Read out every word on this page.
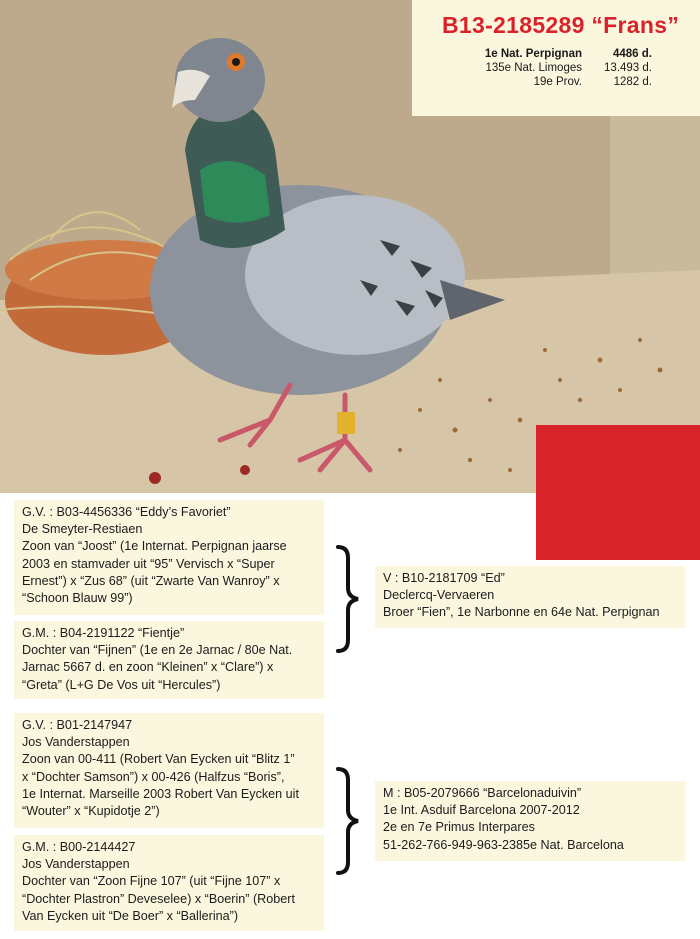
B13-2185289 “Frans”
1e Nat. Perpignan	4486 d.
135e Nat. Limoges	13.493 d.
19e Prov.	1282 d.
G.V. : B03-4456336 “Eddy’s Favoriet”
De Smeyter-Restiaen
Zoon van “Joost” (1e Internat. Perpignan jaarse
2003 en stamvader uit “95” Vervisch x “Super
Ernest”) x “Zus 68” (uit “Zwarte Van Wanroy” x
“Schoon Blauw 99”)
G.M. : B04-2191122 “Fientje”
Dochter van “Fijnen” (1e en 2e Jarnac / 80e Nat.
Jarnac 5667 d. en zoon “Kleinen” x “Clare”) x
“Greta” (L+G De Vos uit “Hercules”)
V : B10-2181709 “Ed”
Declercq-Vervaeren
Broer “Fien”, 1e Narbonne en 64e Nat. Perpignan
G.V. : B01-2147947
Jos Vanderstappen
Zoon van 00-411 (Robert Van Eycken uit “Blitz 1”
x “Dochter Samson”) x 00-426 (Halfzus “Boris”,
1e Internat. Marseille 2003 Robert Van Eycken uit
“Wouter” x “Kupidotje 2”)
G.M. : B00-2144427
Jos Vanderstappen
Dochter van “Zoon Fijne 107” (uit “Fijne 107” x
“Dochter Plastron” Deveselee) x “Boerin” (Robert
Van Eycken uit “De Boer” x “Ballerina”)
M : B05-2079666 “Barcelonaduivin”
1e Int. Asduif Barcelona 2007-2012
2e en 7e Primus Interpares
51-262-766-949-963-2385e Nat. Barcelona
